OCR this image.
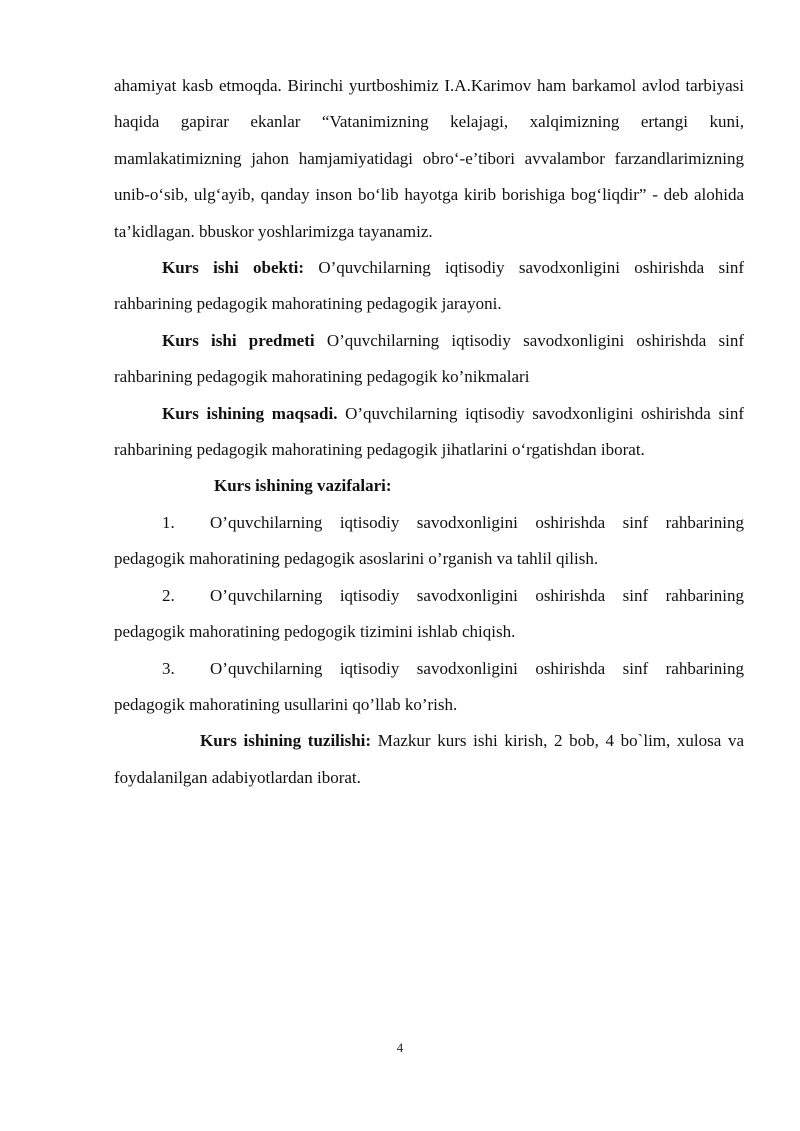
ahamiyat kasb etmoqda. Birinchi yurtboshimiz I.A.Karimov ham barkamol avlod tarbiyasi haqida gapirar ekanlar “Vatanimizning kelajagi, xalqimizning ertangi kuni, mamlakatimizning jahon hamjamiyatidagi obro‘-e’tibori avvalambor farzandlarimizning unib-o‘sib, ulg‘ayib, qanday inson bo‘lib hayotga kirib borishiga bog‘liqdir” - deb alohida ta’kidlagan. bbuskor yoshlarimizga tayanamiz.

Kurs ishi obekti: O’quvchilarning iqtisodiy savodxonligini oshirishda sinf rahbarining pedagogik mahoratining pedagogik jarayoni.

Kurs ishi predmeti O’quvchilarning iqtisodiy savodxonligini oshirishda sinf rahbarining pedagogik mahoratining pedagogik ko’nikmalari

Kurs ishining maqsadi. O’quvchilarning iqtisodiy savodxonligini oshirishda sinf rahbarining pedagogik mahoratining pedagogik jihatlarini o‘rgatishdan iborat.

Kurs ishining vazifalari:

1. O’quvchilarning iqtisodiy savodxonligini oshirishda sinf rahbarining pedagogik mahoratining pedagogik asoslarini o’rganish va tahlil qilish.

2. O’quvchilarning iqtisodiy savodxonligini oshirishda sinf rahbarining pedagogik mahoratining pedogogik tizimini ishlab chiqish.

3. O’quvchilarning iqtisodiy savodxonligini oshirishda sinf rahbarining pedagogik mahoratining usullarini qo’llab ko’rish.

Kurs ishining tuzilishi: Mazkur kurs ishi kirish, 2 bob, 4 bo`lim, xulosa va foydalanilgan adabiyotlardan iborat.

4
